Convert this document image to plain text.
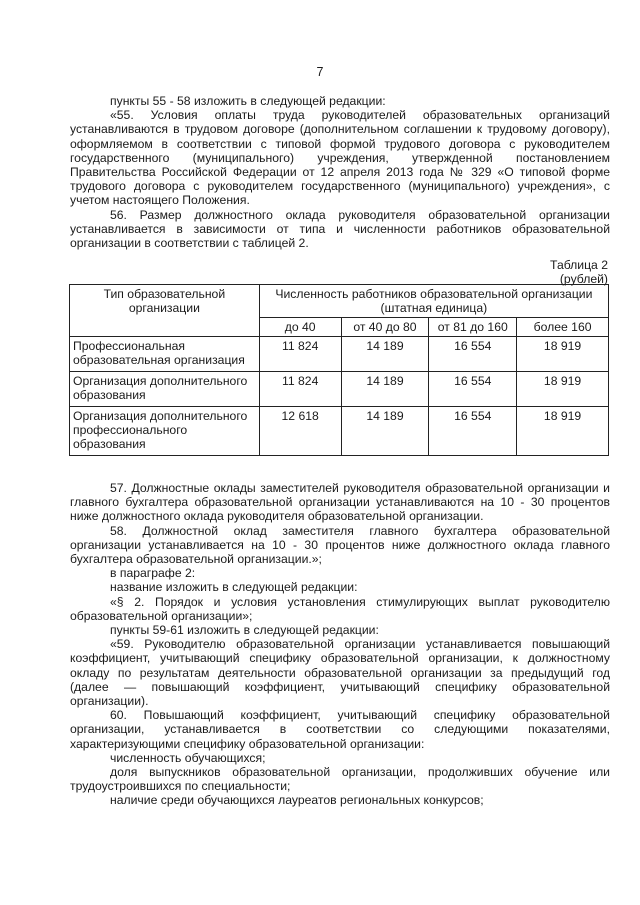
7

пункты 55 - 58 изложить в следующей редакции:

«55. Условия оплаты труда руководителей образовательных организаций устанавливаются в трудовом договоре (дополнительном соглашении к трудовому договору), оформляемом в соответствии с типовой формой трудового договора с руководителем государственного (муниципального) учреждения, утвержденной постановлением Правительства Российской Федерации от 12 апреля 2013 года № 329 «О типовой форме трудового договора с руководителем государственного (муниципального) учреждения», с учетом настоящего Положения.

56. Размер должностного оклада руководителя образовательной организации устанавливается в зависимости от типа и численности работников образовательной организации в соответствии с таблицей 2.

Таблица 2
(рублей)
Тип образовательной организации	Численность работников образовательной организации (штатная единица)			
	до 40	от 40 до 80	от 81 до 160	более 160
Профессиональная образовательная организация	11 824	14 189	16 554	18 919
Организация дополнительного образования	11 824	14 189	16 554	18 919
Организация дополнительного профессионального образования	12 618	14 189	16 554	18 919

57. Должностные оклады заместителей руководителя образовательной организации и главного бухгалтера образовательной организации устанавливаются на 10 - 30 процентов ниже должностного оклада руководителя образовательной организации.

58. Должностной оклад заместителя главного бухгалтера образовательной организации устанавливается на 10 - 30 процентов ниже должностного оклада главного бухгалтера образовательной организации.»;

в параграфе 2:

название изложить в следующей редакции:

«§ 2. Порядок и условия установления стимулирующих выплат руководителю образовательной организации»;

пункты 59-61 изложить в следующей редакции:

«59. Руководителю образовательной организации устанавливается повышающий коэффициент, учитывающий специфику образовательной организации, к должностному окладу по результатам деятельности образовательной организации за предыдущий год (далее — повышающий коэффициент, учитывающий специфику образовательной организации).

60. Повышающий коэффициент, учитывающий специфику образовательной организации, устанавливается в соответствии со следующими показателями, характеризующими специфику образовательной организации:

численность обучающихся;

доля выпускников образовательной организации, продолживших обучение или трудоустроившихся по специальности;

наличие среди обучающихся лауреатов региональных конкурсов;
